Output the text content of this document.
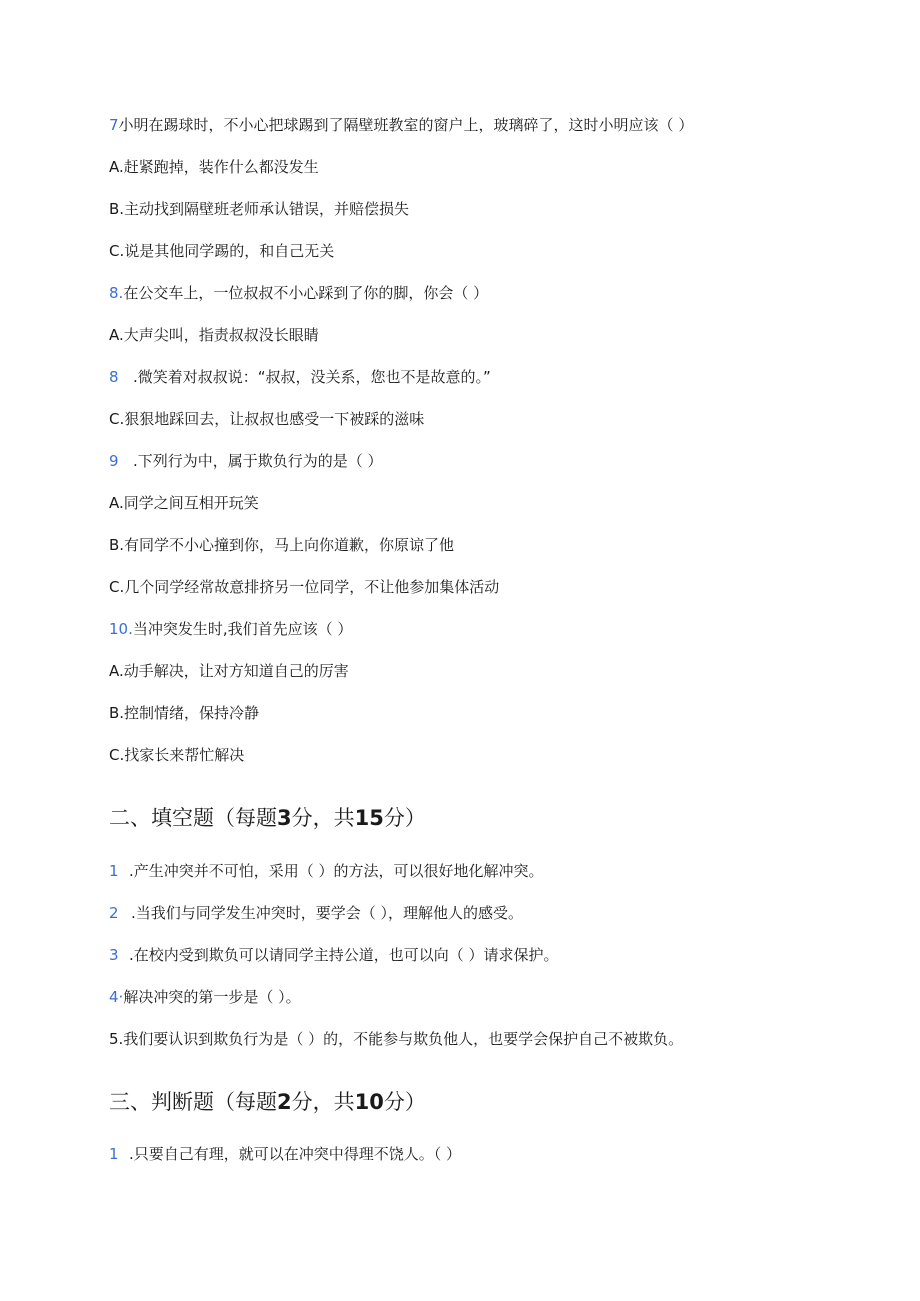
7小明在踢球时，不小心把球踢到了隔壁班教室的窗户上，玻璃碎了，这时小明应该（ ）
A.赶紧跑掉，装作什么都没发生
B.主动找到隔壁班老师承认错误，并赔偿损失
C.说是其他同学踢的，和自己无关
8.在公交车上，一位叔叔不小心踩到了你的脚，你会（ ）
A.大声尖叫，指责叔叔没长眼睛
8 .微笑着对叔叔说：“叔叔，没关系，您也不是故意的。”
C.狠狠地踩回去，让叔叔也感受一下被踩的滋味
9 .下列行为中，属于欺负行为的是（ ）
A.同学之间互相开玩笑
B.有同学不小心撞到你，马上向你道歉，你原谅了他
C.几个同学经常故意排挤另一位同学，不让他参加集体活动
10.当冲突发生时,我们首先应该（ ）
A.动手解决，让对方知道自己的厉害
B.控制情绪，保持冷静
C.找家长来帮忙解决
二、填空题（每题3分，共15分）
1 .产生冲突并不可怕，采用（ ）的方法，可以很好地化解冲突。
2 .当我们与同学发生冲突时，要学会（ ），理解他人的感受。
3 .在校内受到欺负可以请同学主持公道，也可以向（ ）请求保护。
4·解决冲突的第一步是（ ）。
5.我们要认识到欺负行为是（ ）的，不能参与欺负他人，也要学会保护自己不被欺负。
三、判断题（每题2分，共10分）
1 .只要自己有理，就可以在冲突中得理不饶人。（ ）
